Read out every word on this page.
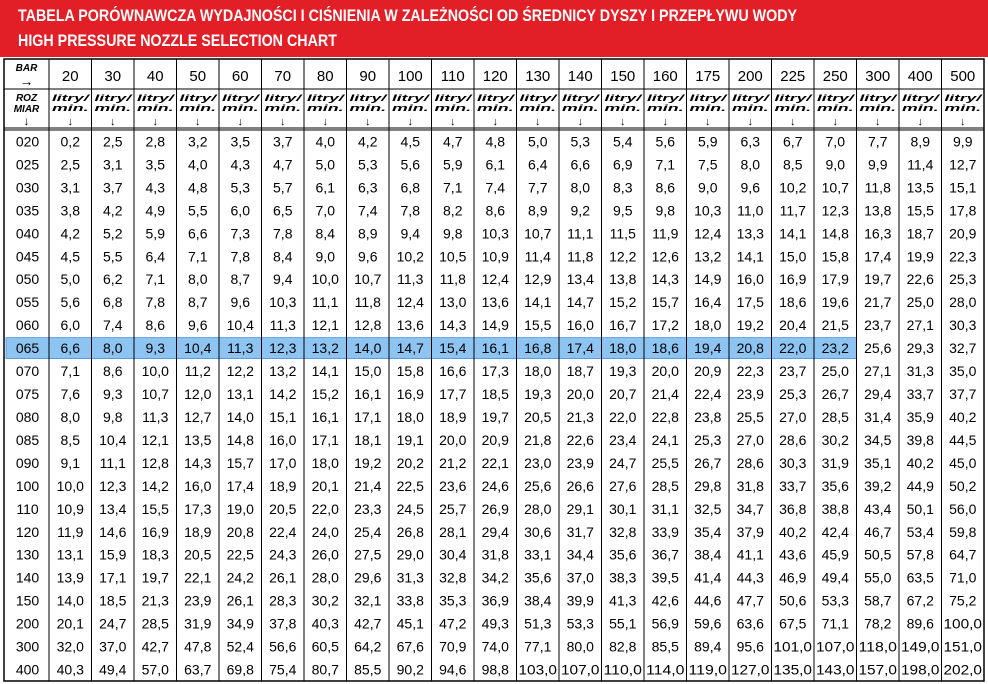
TABELA PORÓWNAWCZA WYDAJNOŚCI I CIŚNIENIA W ZALEŻNOŚCI OD ŚREDNICY DYSZY I PRZEPŁYWU WODY
HIGH PRESSURE NOZZLE SELECTION CHART
BAR
→
ROZ
MIAR
↓
20
litry/
min.
↓
30
litry/
min.
↓
40
litry/
min.
↓
50
litry/
min.
↓
60
litry/
min.
↓
70
litry/
min.
↓
80
litry/
min.
↓
90
litry/
min.
↓
100
litry/
min.
↓
110
litry/
min.
↓
120
litry/
min.
↓
130
litry/
min.
↓
140
litry/
min.
↓
150
litry/
min.
↓
160
litry/
min.
↓
175
litry/
min.
↓
200
litry/
min.
↓
225
litry/
min.
↓
250
litry/
min.
↓
300
litry/
min.
↓
400
litry/
min.
↓
500
litry/
min.
↓
020 0,2 2,5 2,8 3,2 3,5 3,7 4,0 4,2 4,5 4,7 4,8 5,0 5,3 5,4 5,6 5,9 6,3 6,7 7,0 7,7 8,9 9,9
025 2,5 3,1 3,5 4,0 4,3 4,7 5,0 5,3 5,6 5,9 6,1 6,4 6,6 6,9 7,1 7,5 8,0 8,5 9,0 9,9 11,4 12,7
030 3,1 3,7 4,3 4,8 5,3 5,7 6,1 6,3 6,8 7,1 7,4 7,7 8,0 8,3 8,6 9,0 9,6 10,2 10,7 11,8 13,5 15,1
035 3,8 4,2 4,9 5,5 6,0 6,5 7,0 7,4 7,8 8,2 8,6 8,9 9,2 9,5 9,8 10,3 11,0 11,7 12,3 13,8 15,5 17,8
040 4,2 5,2 5,9 6,6 7,3 7,8 8,4 8,9 9,4 9,8 10,3 10,7 11,1 11,5 11,9 12,4 13,3 14,1 14,8 16,3 18,7 20,9
045 4,5 5,5 6,4 7,1 7,8 8,4 9,0 9,6 10,2 10,5 10,9 11,4 11,8 12,2 12,6 13,2 14,1 15,0 15,8 17,4 19,9 22,3
050 5,0 6,2 7,1 8,0 8,7 9,4 10,0 10,7 11,3 11,8 12,4 12,9 13,4 13,8 14,3 14,9 16,0 16,9 17,9 19,7 22,6 25,3
055 5,6 6,8 7,8 8,7 9,6 10,3 11,1 11,8 12,4 13,0 13,6 14,1 14,7 15,2 15,7 16,4 17,5 18,6 19,6 21,7 25,0 28,0
060 6,0 7,4 8,6 9,6 10,4 11,3 12,1 12,8 13,6 14,3 14,9 15,5 16,0 16,7 17,2 18,0 19,2 20,4 21,5 23,7 27,1 30,3
065 6,6 8,0 9,3 10,4 11,3 12,3 13,2 14,0 14,7 15,4 16,1 16,8 17,4 18,0 18,6 19,4 20,8 22,0 23,2 25,6 29,3 32,7
070 7,1 8,6 10,0 11,2 12,2 13,2 14,1 15,0 15,8 16,6 17,3 18,0 18,7 19,3 20,0 20,9 22,3 23,7 25,0 27,1 31,3 35,0
075 7,6 9,3 10,7 12,0 13,1 14,2 15,2 16,1 16,9 17,7 18,5 19,3 20,0 20,7 21,4 22,4 23,9 25,3 26,7 29,4 33,7 37,7
080 8,0 9,8 11,3 12,7 14,0 15,1 16,1 17,1 18,0 18,9 19,7 20,5 21,3 22,0 22,8 23,8 25,5 27,0 28,5 31,4 35,9 40,2
085 8,5 10,4 12,1 13,5 14,8 16,0 17,1 18,1 19,1 20,0 20,9 21,8 22,6 23,4 24,1 25,3 27,0 28,6 30,2 34,5 39,8 44,5
090 9,1 11,1 12,8 14,3 15,7 17,0 18,0 19,2 20,2 21,2 22,1 23,0 23,9 24,7 25,5 26,7 28,6 30,3 31,9 35,1 40,2 45,0
100 10,0 12,3 14,2 16,0 17,4 18,9 20,1 21,4 22,5 23,6 24,6 25,6 26,6 27,6 28,5 29,8 31,8 33,7 35,6 39,2 44,9 50,2
110 10,9 13,4 15,5 17,3 19,0 20,5 22,0 23,3 24,5 25,7 26,9 28,0 29,1 30,1 31,1 32,5 34,7 36,8 38,8 43,4 50,1 56,0
120 11,9 14,6 16,9 18,9 20,8 22,4 24,0 25,4 26,8 28,1 29,4 30,6 31,7 32,8 33,9 35,4 37,9 40,2 42,4 46,7 53,4 59,8
130 13,1 15,9 18,3 20,5 22,5 24,3 26,0 27,5 29,0 30,4 31,8 33,1 34,4 35,6 36,7 38,4 41,1 43,6 45,9 50,5 57,8 64,7
140 13,9 17,1 19,7 22,1 24,2 26,1 28,0 29,6 31,3 32,8 34,2 35,6 37,0 38,3 39,5 41,4 44,3 46,9 49,4 55,0 63,5 71,0
150 14,0 18,5 21,3 23,9 26,1 28,3 30,2 32,1 33,8 35,3 36,9 38,4 39,9 41,3 42,6 44,6 47,7 50,6 53,3 58,7 67,2 75,2
200 20,1 24,7 28,5 31,9 34,9 37,8 40,3 42,7 45,1 47,2 49,3 51,3 53,3 55,1 56,9 59,6 63,6 67,5 71,1 78,2 89,6 100,0
300 32,0 37,0 42,7 47,8 52,4 56,6 60,5 64,2 67,6 70,9 74,0 77,1 80,0 82,8 85,5 89,4 95,6 101,0 107,0 118,0 149,0 151,0
400 40,3 49,4 57,0 63,7 69,8 75,4 80,7 85,5 90,2 94,6 98,8 103,0 107,0 110,0 114,0 119,0 127,0 135,0 143,0 157,0 198,0 202,0
